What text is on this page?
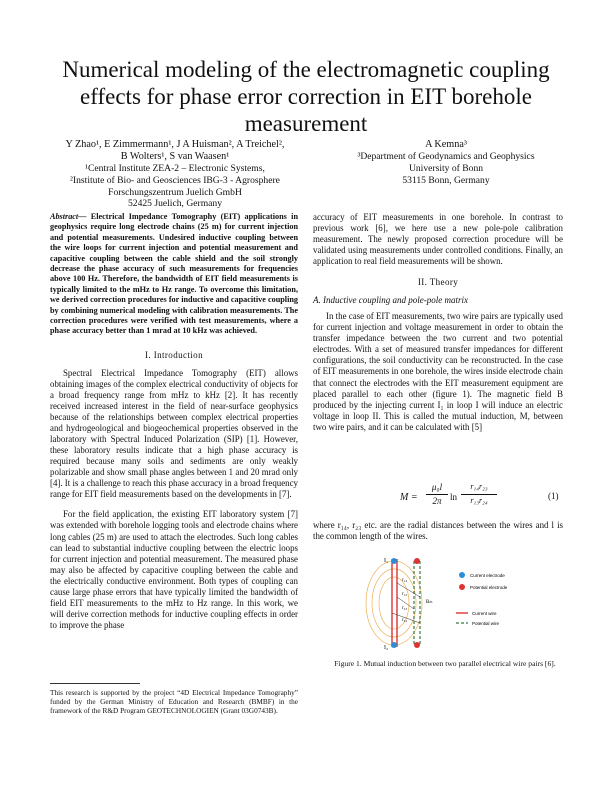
Numerical modeling of the electromagnetic coupling effects for phase error correction in EIT borehole measurement
Y Zhao¹, E Zimmermann¹, J A Huisman², A Treichel²,
B Wolters¹, S van Waasen¹
¹Central Institute ZEA-2 – Electronic Systems,
²Institute of Bio- and Geosciences IBG-3 - Agrosphere
Forschungszentrum Juelich GmbH
52425 Juelich, Germany
A Kemna³
³Department of Geodynamics and Geophysics
University of Bonn
53115 Bonn, Germany
Abstract— Electrical Impedance Tomography (EIT) applications in geophysics require long electrode chains (25 m) for current injection and potential measurements. Undesired inductive coupling between the wire loops for current injection and potential measurement and capacitive coupling between the cable shield and the soil strongly decrease the phase accuracy of such measurements for frequencies above 100 Hz. Therefore, the bandwidth of EIT field measurements is typically limited to the mHz to Hz range. To overcome this limitation, we derived correction procedures for inductive and capacitive coupling by combining numerical modeling with calibration measurements. The correction procedures were verified with test measurements, where a phase accuracy better than 1 mrad at 10 kHz was achieved.
I. Introduction

Spectral Electrical Impedance Tomography (EIT) allows obtaining images of the complex electrical conductivity of objects for a broad frequency range from mHz to kHz [2]. It has recently received increased interest in the field of near-surface geophysics because of the relationships between complex electrical properties and hydrogeological and biogeochemical properties observed in the laboratory with Spectral Induced Polarization (SIP) [1]. However, these laboratory results indicate that a high phase accuracy is required because many soils and sediments are only weakly polarizable and show small phase angles between 1 and 20 mrad only [4]. It is a challenge to reach this phase accuracy in a broad frequency range for EIT field measurements based on the developments in [7].

For the field application, the existing EIT laboratory system [7] was extended with borehole logging tools and electrode chains where long cables (25 m) are used to attach the electrodes. Such long cables can lead to substantial inductive coupling between the electric loops for current injection and potential measurement. The measured phase may also be affected by capacitive coupling between the cable and the electrically conductive environment. Both types of coupling can cause large phase errors that have typically limited the bandwidth of field EIT measurements to the mHz to Hz range. In this work, we will derive correction methods for inductive coupling effects in order to improve the phase

This research is supported by the project “4D Electrical Impedance Tomography” funded by the German Ministry of Education and Research (BMBF) in the framework of the R&D Program GEOTECHNOLOGIEN (Grant 03G0743B).

accuracy of EIT measurements in one borehole. In contrast to previous work [6], we here use a new pole-pole calibration measurement. The newly proposed correction procedure will be validated using measurements under controlled conditions. Finally, an application to real field measurements will be shown.

II. Theory
A. Inductive coupling and pole-pole matrix

In the case of EIT measurements, two wire pairs are typically used for current injection and voltage measurement in order to obtain the transfer impedance between the two current and two potential electrodes. With a set of measured transfer impedances for different configurations, the soil conductivity can be reconstructed. In the case of EIT measurements in one borehole, the wires inside electrode chain that connect the electrodes with the EIT measurement equipment are placed parallel to each other (figure 1). The magnetic field B produced by the injecting current I₁ in loop I will induce an electric voltage in loop II. This is called the mutual induction, M, between two wire pairs, and it can be calculated with [5]

M =
μ₀l
2π ln
r₁₄r₂₃
r₁₃r₂₄	(1)
where r₁₄, r₂₃ etc. are the radial distances between the wires and l is the common length of the wires.
I₁
I₂
r₁₄
r₁₃
r₂₃
r₂₄
Bₘ
Current electrode
Potential electrode
Current wire
Potential wire
Figure 1. Mutual induction between two parallel electrical wire pairs [6].
